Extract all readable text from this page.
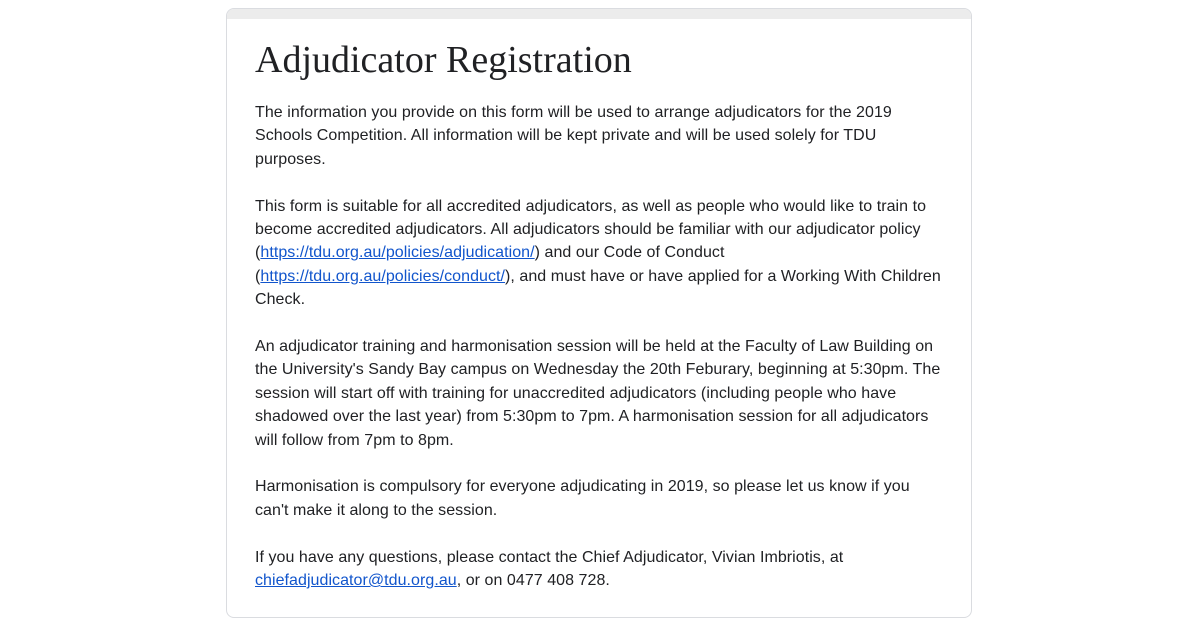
Adjudicator Registration

The information you provide on this form will be used to arrange adjudicators for the 2019 Schools Competition. All information will be kept private and will be used solely for TDU purposes.

This form is suitable for all accredited adjudicators, as well as people who would like to train to become accredited adjudicators. All adjudicators should be familiar with our adjudicator policy (https://tdu.org.au/policies/adjudication/) and our Code of Conduct (https://tdu.org.au/policies/conduct/), and must have or have applied for a Working With Children Check.

An adjudicator training and harmonisation session will be held at the Faculty of Law Building on the University's Sandy Bay campus on Wednesday the 20th Feburary, beginning at 5:30pm. The session will start off with training for unaccredited adjudicators (including people who have shadowed over the last year) from 5:30pm to 7pm. A harmonisation session for all adjudicators will follow from 7pm to 8pm.

Harmonisation is compulsory for everyone adjudicating in 2019, so please let us know if you can't make it along to the session.

If you have any questions, please contact the Chief Adjudicator, Vivian Imbriotis, at chiefadjudicator@tdu.org.au, or on 0477 408 728.
